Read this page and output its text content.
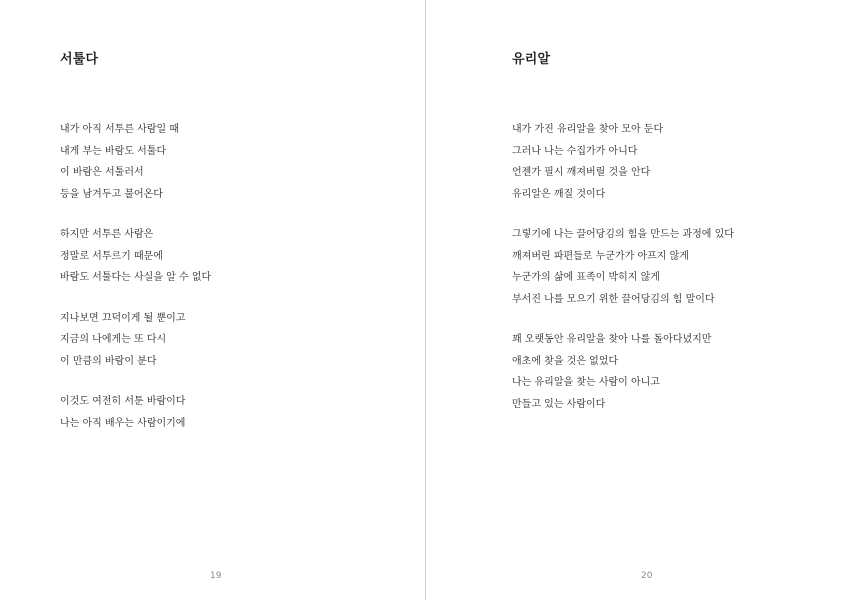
서툴다
내가 아직 서투른 사람일 때
내게 부는 바람도 서툴다
이 바람은 서툴러서
등을 남겨두고 불어온다
하지만 서투른 사람은
정말로 서투르기 때문에
바람도 서툴다는 사실을 알 수 없다
지나보면 끄덕이게 될 뿐이고
지금의 나에게는 또 다시
이 만큼의 바람이 분다
이것도 여전히 서툰 바람이다
나는 아직 배우는 사람이기에
19
유리알
내가 가진 유리알을 찾아 모아 둔다
그러나 나는 수집가가 아니다
언젠가 필시 깨져버릴 것을 안다
유리알은 깨질 것이다
그렇기에 나는 끌어당김의 힘을 만드는 과정에 있다
깨져버린 파편들로 누군가가 아프지 않게
누군가의 삶에 표족이 박히지 않게
부서진 나를 모으기 위한 끌어당김의 힘 말이다
꽤 오랫동안 유리알을 찾아 나를 돌아다녔지만
애초에 찾을 것은 없었다
나는 유리알을 찾는 사람이 아니고
만들고 있는 사람이다
20
